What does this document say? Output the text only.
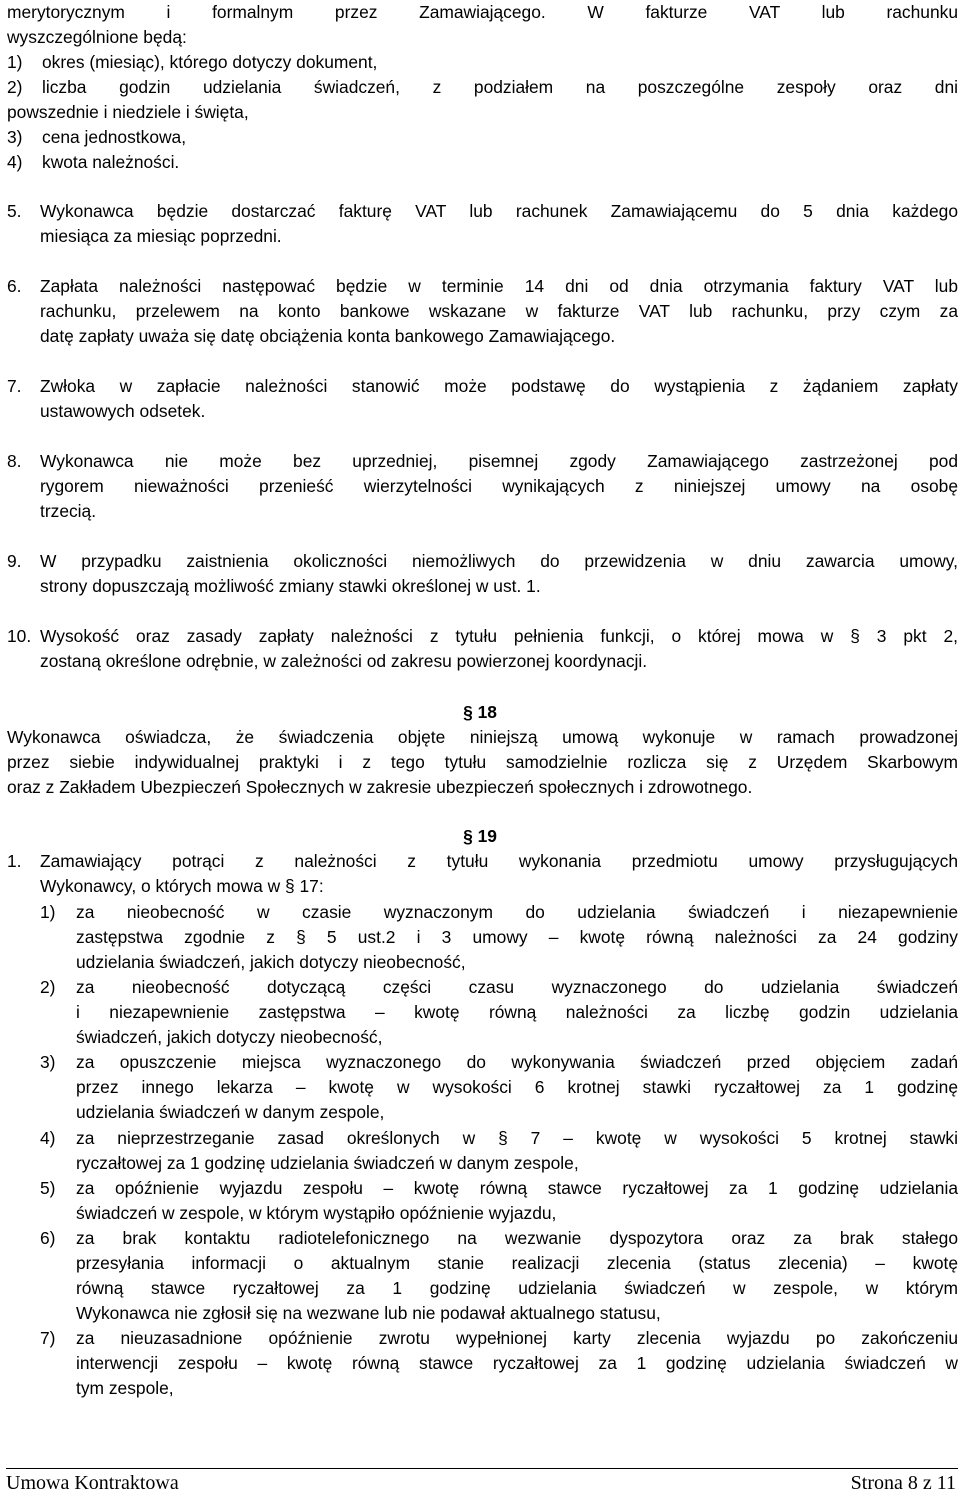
merytorycznym i formalnym przez Zamawiającego. W fakturze VAT lub rachunku
wyszczególnione będą:
1) okres (miesiąc), którego dotyczy dokument,
2) liczba godzin udzielania świadczeń, z podziałem na poszczególne zespoły oraz dni
powszednie i niedziele i święta,
3) cena jednostkowa,
4) kwota należności.
5. Wykonawca będzie dostarczać fakturę VAT lub rachunek Zamawiającemu do 5 dnia każdego
miesiąca za miesiąc poprzedni.
6. Zapłata należności następować będzie w terminie 14 dni od dnia otrzymania faktury VAT lub
rachunku, przelewem na konto bankowe wskazane w fakturze VAT lub rachunku, przy czym za
datę zapłaty uważa się datę obciążenia konta bankowego Zamawiającego.
7. Zwłoka w zapłacie należności stanowić może podstawę do wystąpienia z żądaniem zapłaty
ustawowych odsetek.
8. Wykonawca nie może bez uprzedniej, pisemnej zgody Zamawiającego zastrzeżonej pod
rygorem nieważności przenieść wierzytelności wynikających z niniejszej umowy na osobę
trzecią.
9. W przypadku zaistnienia okoliczności niemożliwych do przewidzenia w dniu zawarcia umowy,
strony dopuszczają możliwość zmiany stawki określonej w ust. 1.
10. Wysokość oraz zasady zapłaty należności z tytułu pełnienia funkcji, o której mowa w § 3 pkt 2,
zostaną określone odrębnie, w zależności od zakresu powierzonej koordynacji.
§ 18
Wykonawca oświadcza, że świadczenia objęte niniejszą umową wykonuje w ramach prowadzonej
przez siebie indywidualnej praktyki i z tego tytułu samodzielnie rozlicza się z Urzędem Skarbowym
oraz z Zakładem Ubezpieczeń Społecznych w zakresie ubezpieczeń społecznych i zdrowotnego.
§ 19
1. Zamawiający potrąci z należności z tytułu wykonania przedmiotu umowy przysługujących
Wykonawcy, o których mowa w § 17:
1) za nieobecność w czasie wyznaczonym do udzielania świadczeń i niezapewnienie
zastępstwa zgodnie z § 5 ust.2 i 3 umowy – kwotę równą należności za 24 godziny
udzielania świadczeń, jakich dotyczy nieobecność,
2) za nieobecność dotyczącą części czasu wyznaczonego do udzielania świadczeń
i niezapewnienie zastępstwa – kwotę równą należności za liczbę godzin udzielania
świadczeń, jakich dotyczy nieobecność,
3) za opuszczenie miejsca wyznaczonego do wykonywania świadczeń przed objęciem zadań
przez innego lekarza – kwotę w wysokości 6 krotnej stawki ryczałtowej za 1 godzinę
udzielania świadczeń w danym zespole,
4) za nieprzestrzeganie zasad określonych w § 7 – kwotę w wysokości 5 krotnej stawki
ryczałtowej za 1 godzinę udzielania świadczeń w danym zespole,
5) za opóźnienie wyjazdu zespołu – kwotę równą stawce ryczałtowej za 1 godzinę udzielania
świadczeń w zespole, w którym wystąpiło opóźnienie wyjazdu,
6) za brak kontaktu radiotelefonicznego na wezwanie dyspozytora oraz za brak stałego
przesyłania informacji o aktualnym stanie realizacji zlecenia (status zlecenia) – kwotę
równą stawce ryczałtowej za 1 godzinę udzielania świadczeń w zespole, w którym
Wykonawca nie zgłosił się na wezwane lub nie podawał aktualnego statusu,
7) za nieuzasadnione opóźnienie zwrotu wypełnionej karty zlecenia wyjazdu po zakończeniu
interwencji zespołu – kwotę równą stawce ryczałtowej za 1 godzinę udzielania świadczeń w
tym zespole,
Umowa Kontraktowa	Strona 8 z 11
